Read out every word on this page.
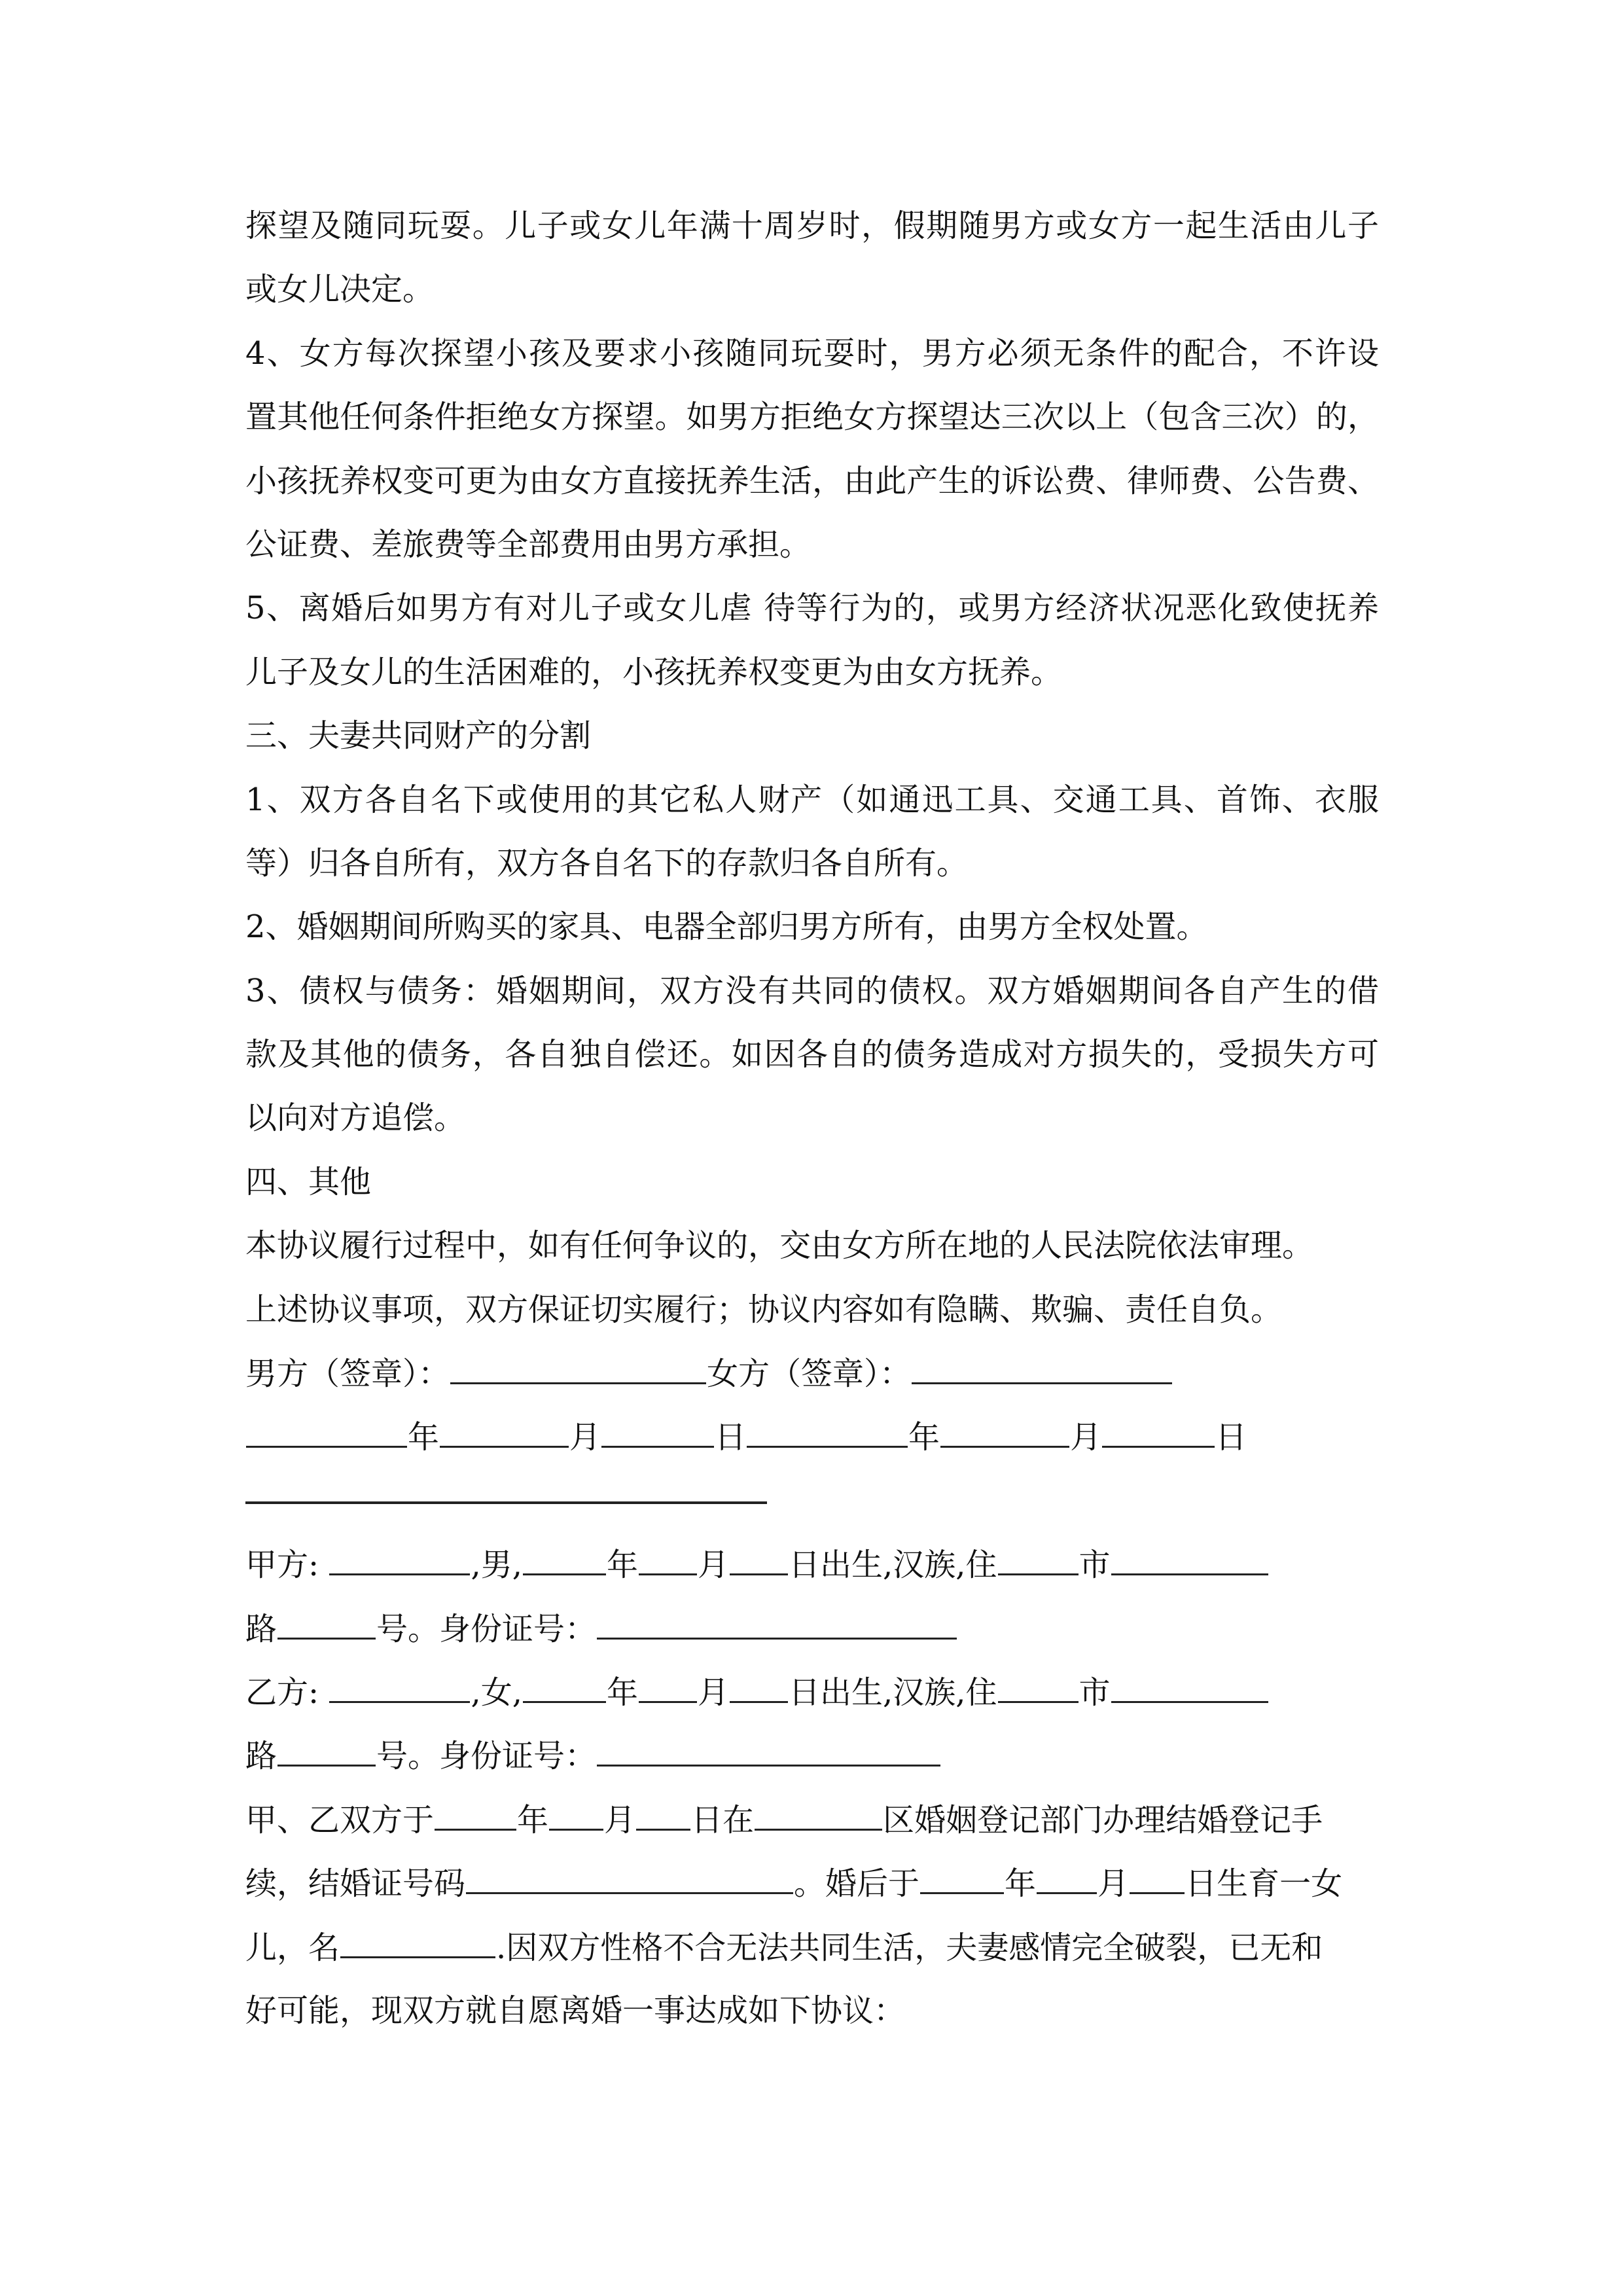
探望及随同玩耍。儿子或女儿年满十周岁时，假期随男方或女方一起生活由儿子
或女儿决定。
4、女方每次探望小孩及要求小孩随同玩耍时，男方必须无条件的配合，不许设
置其他任何条件拒绝女方探望。如男方拒绝女方探望达三次以上（包含三次）的，
小孩抚养权变可更为由女方直接抚养生活，由此产生的诉讼费、律师费、公告费、
公证费、差旅费等全部费用由男方承担。
5、离婚后如男方有对儿子或女儿虐 待等行为的，或男方经济状况恶化致使抚养
儿子及女儿的生活困难的，小孩抚养权变更为由女方抚养。
三、夫妻共同财产的分割
1、双方各自名下或使用的其它私人财产（如通迅工具、交通工具、首饰、衣服
等）归各自所有，双方各自名下的存款归各自所有。
2、婚姻期间所购买的家具、电器全部归男方所有，由男方全权处置。
3、债权与债务：婚姻期间，双方没有共同的债权。双方婚姻期间各自产生的借
款及其他的债务，各自独自偿还。如因各自的债务造成对方损失的，受损失方可
以向对方追偿。
四、其他
本协议履行过程中，如有任何争议的，交由女方所在地的人民法院依法审理。
上述协议事项，双方保证切实履行；协议内容如有隐瞒、欺骗、责任自负。
男方（签章）：	女方（签章）：
年	月	日	年	月	日
甲方:	,男,	年 月 日出生,汉族,住	市
路	号。身份证号：
乙方:	,女,	年 月 日出生,汉族,住	市
路	号。身份证号：
甲、乙双方于	年 月 日在	区婚姻登记部门办理结婚登记手
续，结婚证号码	。婚后于	年 月 日生育一女
儿，名	.因双方性格不合无法共同生活，夫妻感情完全破裂，已无和
好可能，现双方就自愿离婚一事达成如下协议：
